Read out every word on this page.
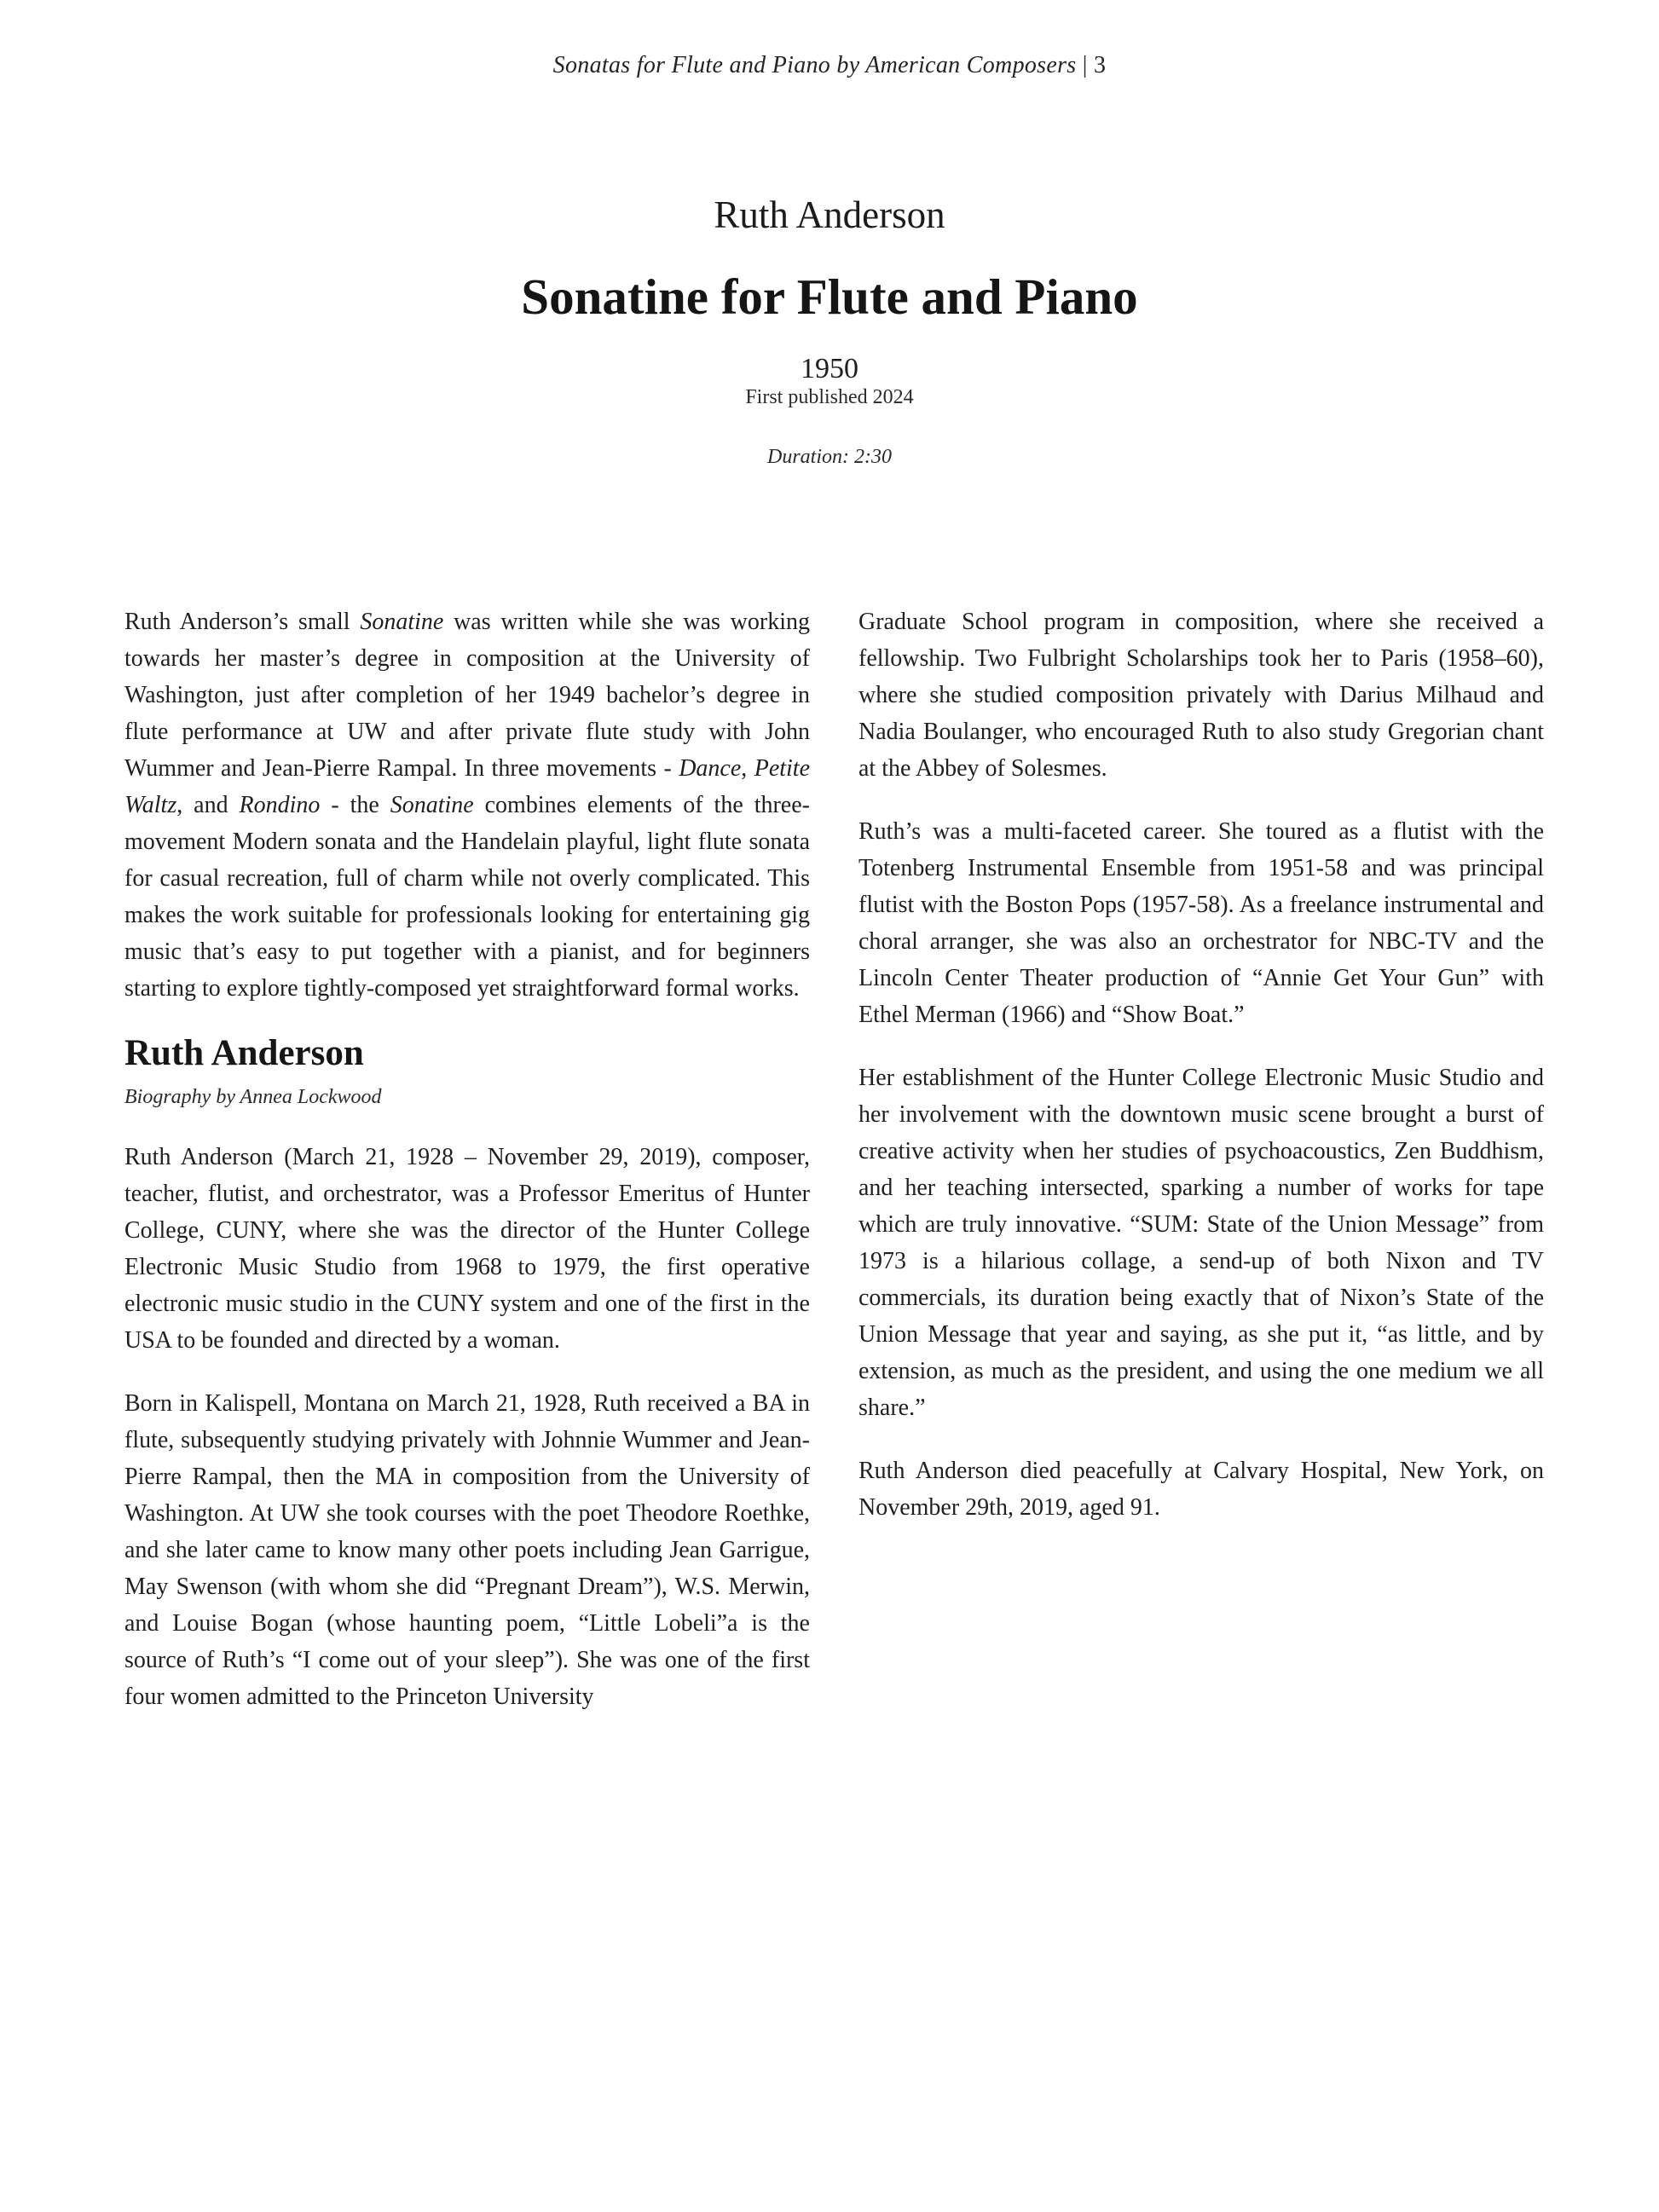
Sonatas for Flute and Piano by American Composers | 3
Ruth Anderson
Sonatine for Flute and Piano
1950
First published 2024
Duration: 2:30

Ruth Anderson’s small Sonatine was written while she was working towards her master’s degree in composition at the University of Washington, just after completion of her 1949 bachelor’s degree in flute performance at UW and after private flute study with John Wummer and Jean-Pierre Rampal. In three movements - Dance, Petite Waltz, and Rondino - the Sonatine combines elements of the three-movement Modern sonata and the Handelain playful, light flute sonata for casual recreation, full of charm while not overly complicated. This makes the work suitable for professionals looking for entertaining gig music that’s easy to put together with a pianist, and for beginners starting to explore tightly-composed yet straightforward formal works.

Ruth Anderson
Biography by Annea Lockwood

Ruth Anderson (March 21, 1928 – November 29, 2019), composer, teacher, flutist, and orchestrator, was a Professor Emeritus of Hunter College, CUNY, where she was the director of the Hunter College Electronic Music Studio from 1968 to 1979, the first operative electronic music studio in the CUNY system and one of the first in the USA to be founded and directed by a woman.

Born in Kalispell, Montana on March 21, 1928, Ruth received a BA in flute, subsequently studying privately with Johnnie Wummer and Jean-Pierre Rampal, then the MA in composition from the University of Washington. At UW she took courses with the poet Theodore Roethke, and she later came to know many other poets including Jean Garrigue, May Swenson (with whom she did “Pregnant Dream”), W.S. Merwin, and Louise Bogan (whose haunting poem, “Little Lobeli”a is the source of Ruth’s “I come out of your sleep”). She was one of the first four women admitted to the Princeton University

Graduate School program in composition, where she received a fellowship. Two Fulbright Scholarships took her to Paris (1958–60), where she studied composition privately with Darius Milhaud and Nadia Boulanger, who encouraged Ruth to also study Gregorian chant at the Abbey of Solesmes.

Ruth’s was a multi-faceted career. She toured as a flutist with the Totenberg Instrumental Ensemble from 1951-58 and was principal flutist with the Boston Pops (1957-58). As a freelance instrumental and choral arranger, she was also an orchestrator for NBC-TV and the Lincoln Center Theater production of “Annie Get Your Gun” with Ethel Merman (1966) and “Show Boat.”

Her establishment of the Hunter College Electronic Music Studio and her involvement with the downtown music scene brought a burst of creative activity when her studies of psychoacoustics, Zen Buddhism, and her teaching intersected, sparking a number of works for tape which are truly innovative. “SUM: State of the Union Message” from 1973 is a hilarious collage, a send-up of both Nixon and TV commercials, its duration being exactly that of Nixon’s State of the Union Message that year and saying, as she put it, “as little, and by extension, as much as the president, and using the one medium we all share.”

Ruth Anderson died peacefully at Calvary Hospital, New York, on November 29th, 2019, aged 91.
